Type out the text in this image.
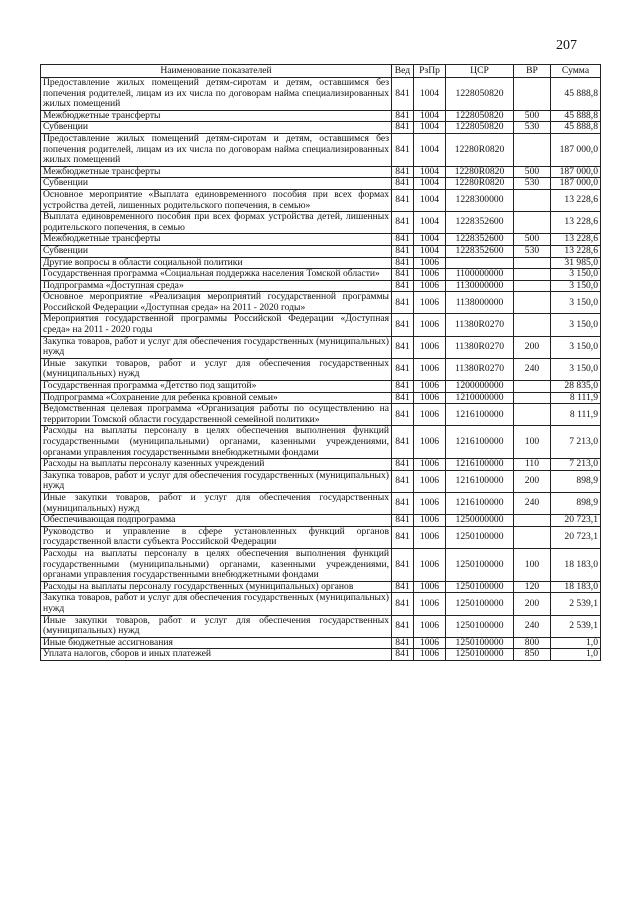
207
Наименование показателей	Вед	РзПр	ЦСР	ВР	Сумма
Предоставление жилых помещений детям-сиротам и детям, оставшимся без попечения родителей, лицам из их числа по договорам найма специализированных жилых помещений	841	1004	1228050820		45 888,8
Межбюджетные трансферты	841	1004	1228050820	500	45 888,8
Субвенции	841	1004	1228050820	530	45 888,8
Предоставление жилых помещений детям-сиротам и детям, оставшимся без попечения родителей, лицам из их числа по договорам найма специализированных жилых помещений	841	1004	12280R0820		187 000,0
Межбюджетные трансферты	841	1004	12280R0820	500	187 000,0
Субвенции	841	1004	12280R0820	530	187 000,0
Основное мероприятие «Выплата единовременного пособия при всех формах устройства детей, лишенных родительского попечения, в семью»	841	1004	1228300000		13 228,6
Выплата единовременного пособия при всех формах устройства детей, лишенных родительского попечения, в семью	841	1004	1228352600		13 228,6
Межбюджетные трансферты	841	1004	1228352600	500	13 228,6
Субвенции	841	1004	1228352600	530	13 228,6
Другие вопросы в области социальной политики	841	1006			31 985,0
Государственная программа «Социальная поддержка населения Томской области»	841	1006	1100000000		3 150,0
Подпрограмма «Доступная среда»	841	1006	1130000000		3 150,0
Основное мероприятие «Реализация мероприятий государственной программы Российской Федерации «Доступная среда» на 2011 - 2020 годы»	841	1006	1138000000		3 150,0
Мероприятия государственной программы Российской Федерации «Доступная среда» на 2011 - 2020 годы	841	1006	11380R0270		3 150,0
Закупка товаров, работ и услуг для обеспечения государственных (муниципальных) нужд	841	1006	11380R0270	200	3 150,0
Иные закупки товаров, работ и услуг для обеспечения государственных (муниципальных) нужд	841	1006	11380R0270	240	3 150,0
Государственная программа «Детство под защитой»	841	1006	1200000000		28 835,0
Подпрограмма «Сохранение для ребенка кровной семьи»	841	1006	1210000000		8 111,9
Ведомственная целевая программа «Организация работы по осуществлению на территории Томской области государственной семейной политики»	841	1006	1216100000		8 111,9
Расходы на выплаты персоналу в целях обеспечения выполнения функций государственными (муниципальными) органами, казенными учреждениями, органами управления государственными внебюджетными фондами	841	1006	1216100000	100	7 213,0
Расходы на выплаты персоналу казенных учреждений	841	1006	1216100000	110	7 213,0
Закупка товаров, работ и услуг для обеспечения государственных (муниципальных) нужд	841	1006	1216100000	200	898,9
Иные закупки товаров, работ и услуг для обеспечения государственных (муниципальных) нужд	841	1006	1216100000	240	898,9
Обеспечивающая подпрограмма	841	1006	1250000000		20 723,1
Руководство и управление в сфере установленных функций органов государственной власти субъекта Российской Федерации	841	1006	1250100000		20 723,1
Расходы на выплаты персоналу в целях обеспечения выполнения функций государственными (муниципальными) органами, казенными учреждениями, органами управления государственными внебюджетными фондами	841	1006	1250100000	100	18 183,0
Расходы на выплаты персоналу государственных (муниципальных) органов	841	1006	1250100000	120	18 183,0
Закупка товаров, работ и услуг для обеспечения государственных (муниципальных) нужд	841	1006	1250100000	200	2 539,1
Иные закупки товаров, работ и услуг для обеспечения государственных (муниципальных) нужд	841	1006	1250100000	240	2 539,1
Иные бюджетные ассигнования	841	1006	1250100000	800	1,0
Уплата налогов, сборов и иных платежей	841	1006	1250100000	850	1,0
